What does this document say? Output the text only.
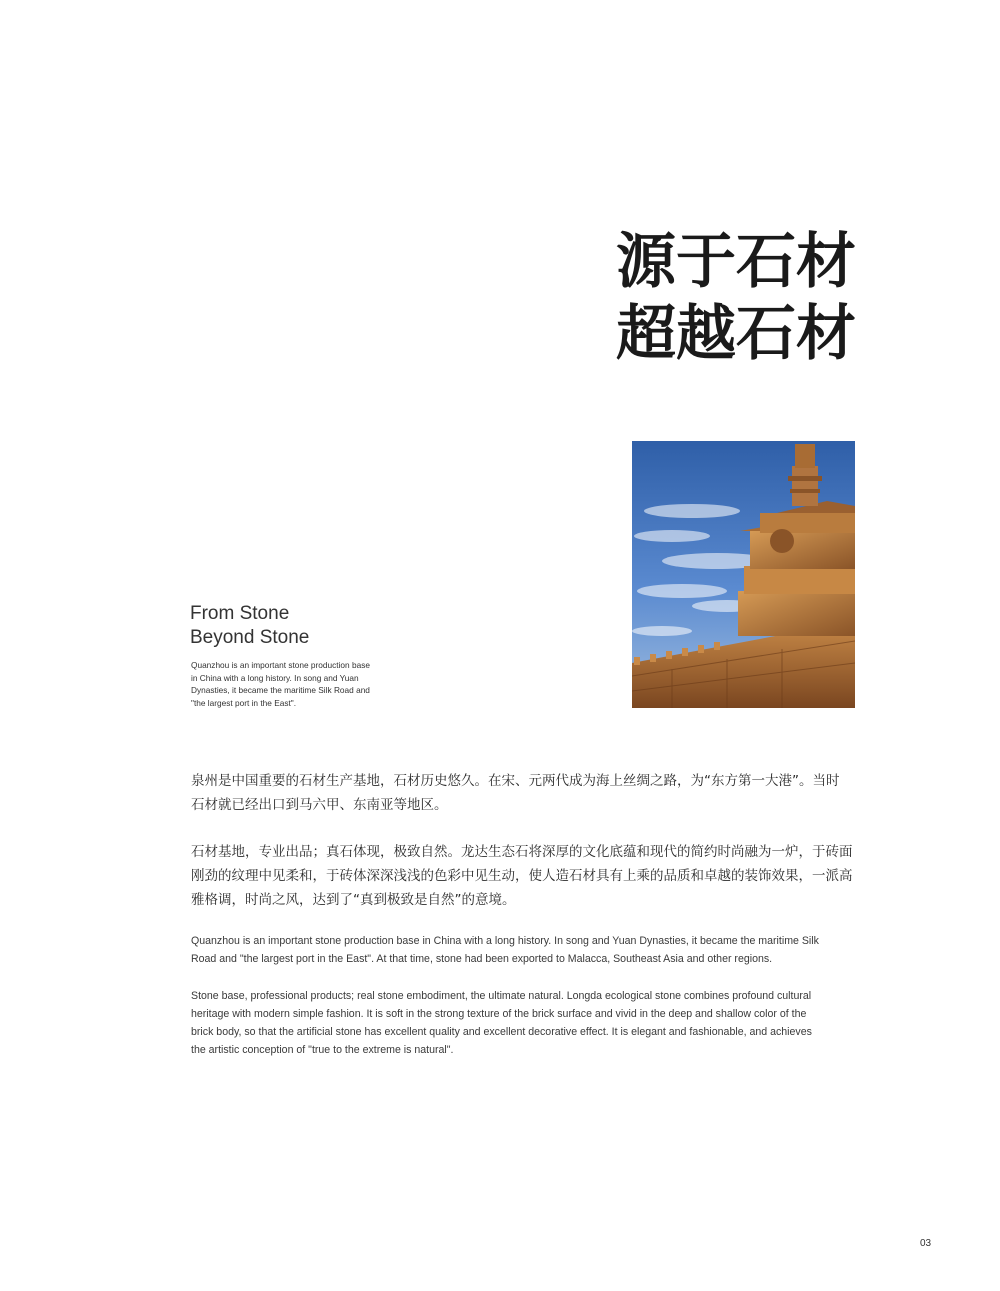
源于石材
超越石材
From Stone
Beyond Stone
Quanzhou is an important stone production base
in China with a long history. In song and Yuan
Dynasties, it became the maritime Silk Road and
"the largest port in the East".
泉州是中国重要的石材生产基地，石材历史悠久。在宋、元两代成为海上丝绸之路，为“东方第一大港”。当时
石材就已经出口到马六甲、东南亚等地区。
石材基地，专业出品；真石体现，极致自然。龙达生态石将深厚的文化底蕴和现代的简约时尚融为一炉，于砖面
刚劲的纹理中见柔和，于砖体深深浅浅的色彩中见生动，使人造石材具有上乘的品质和卓越的装饰效果，一派高
雅格调，时尚之风，达到了“真到极致是自然”的意境。
Quanzhou is an important stone production base in China with a long history. In song and Yuan Dynasties, it became the maritime Silk
Road and "the largest port in the East". At that time, stone had been exported to Malacca, Southeast Asia and other regions.
Stone base, professional products; real stone embodiment, the ultimate natural. Longda ecological stone combines profound cultural
heritage with modern simple fashion. It is soft in the strong texture of the brick surface and vivid in the deep and shallow color of the
brick body, so that the artificial stone has excellent quality and excellent decorative effect. It is elegant and fashionable, and achieves
the artistic conception of "true to the extreme is natural".
03
